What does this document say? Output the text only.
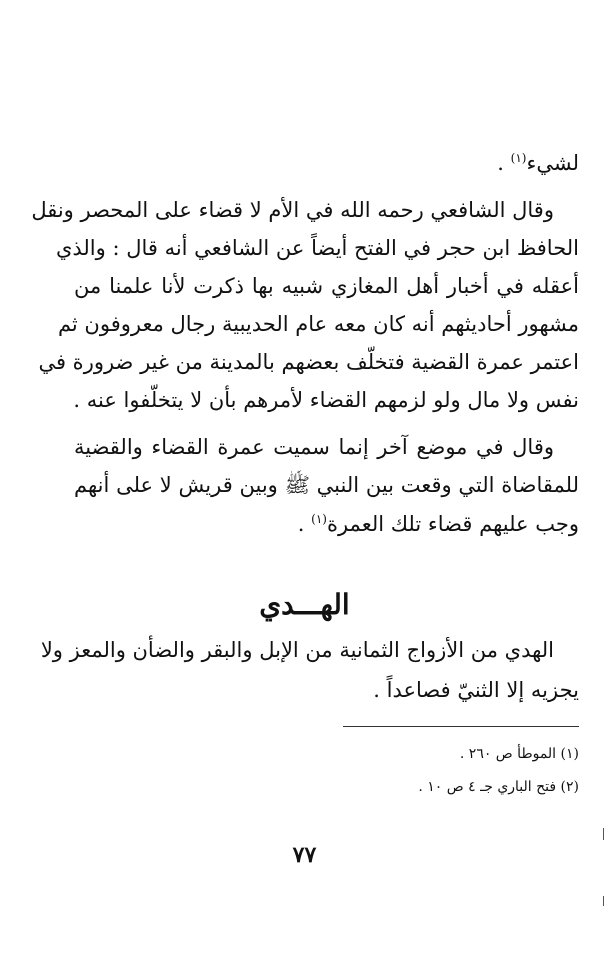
لشيء$^{(١)}$ .
وقال الشافعي رحمه الله في الأم لا قضاء على المحصر ونقل
الحافظ ابن حجر في الفتح أيضاً عن الشافعي أنه قال : والذي
أعقله في أخبار أهل المغازي شبيه بها ذكرت لأنا علمنا من
مشهور أحاديثهم أنه كان معه عام الحديبية رجال معروفون ثم
اعتمر عمرة القضية فتخلّف بعضهم بالمدينة من غير ضرورة في
نفس ولا مال ولو لزمهم القضاء لأمرهم بأن لا يتخلّفوا عنه .
وقال في موضع آخر إنما سميت عمرة القضاء والقضية
للمقاضاة التي وقعت بين النبي ﷺ وبين قريش لا على أنهم
وجب عليهم قضاء تلك العمرة$^{(١)}$ .
الهـــدي
الهدي من الأزواج الثمانية من الإبل والبقر والضأن والمعز ولا
يجزيه إلا الثنيّ فصاعداً .
(١) الموطأ ص ٢٦٠ .
(٢) فتح الباري جـ ٤ ص ١٠ .
٧٧
